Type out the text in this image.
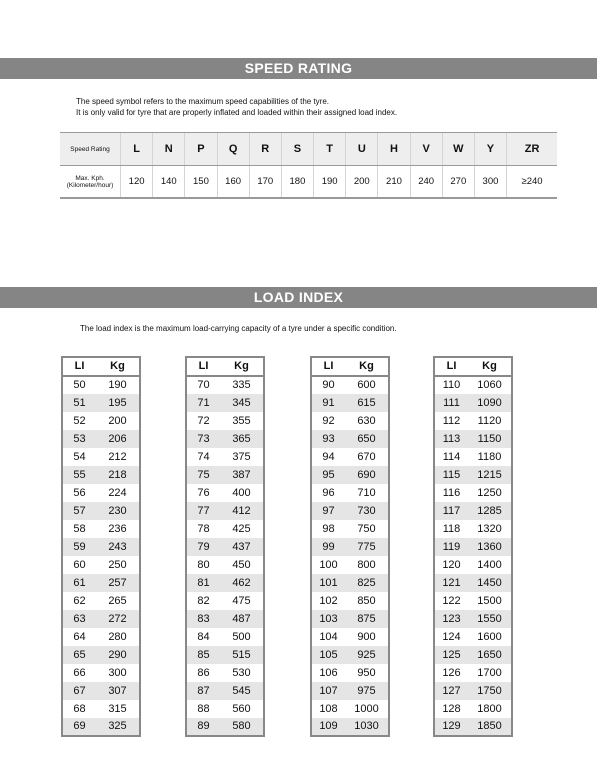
SPEED RATING
The speed symbol refers to the maximum speed capabilities of the tyre.
It is only valid for tyre that are properly inflated and loaded within their assigned load index.
Speed Rating	L	N	P	Q	R	S	T	U	H	V	W	Y	ZR
Max. Kph.
(Kilometer/hour)	120	140	150	160	170	180	190	200	210	240	270	300	≥240
LOAD INDEX
The load index is the maximum load-carrying capacity of a tyre under a specific condition.
LI	Kg
50	190
51	195
52	200
53	206
54	212
55	218
56	224
57	230
58	236
59	243
60	250
61	257
62	265
63	272
64	280
65	290
66	300
67	307
68	315
69	325
LI	Kg
70	335
71	345
72	355
73	365
74	375
75	387
76	400
77	412
78	425
79	437
80	450
81	462
82	475
83	487
84	500
85	515
86	530
87	545
88	560
89	580
LI	Kg
90	600
91	615
92	630
93	650
94	670
95	690
96	710
97	730
98	750
99	775
100	800
101	825
102	850
103	875
104	900
105	925
106	950
107	975
108	1000
109	1030
LI	Kg
110	1060
111	1090
112	1120
113	1150
114	1180
115	1215
116	1250
117	1285
118	1320
119	1360
120	1400
121	1450
122	1500
123	1550
124	1600
125	1650
126	1700
127	1750
128	1800
129	1850
